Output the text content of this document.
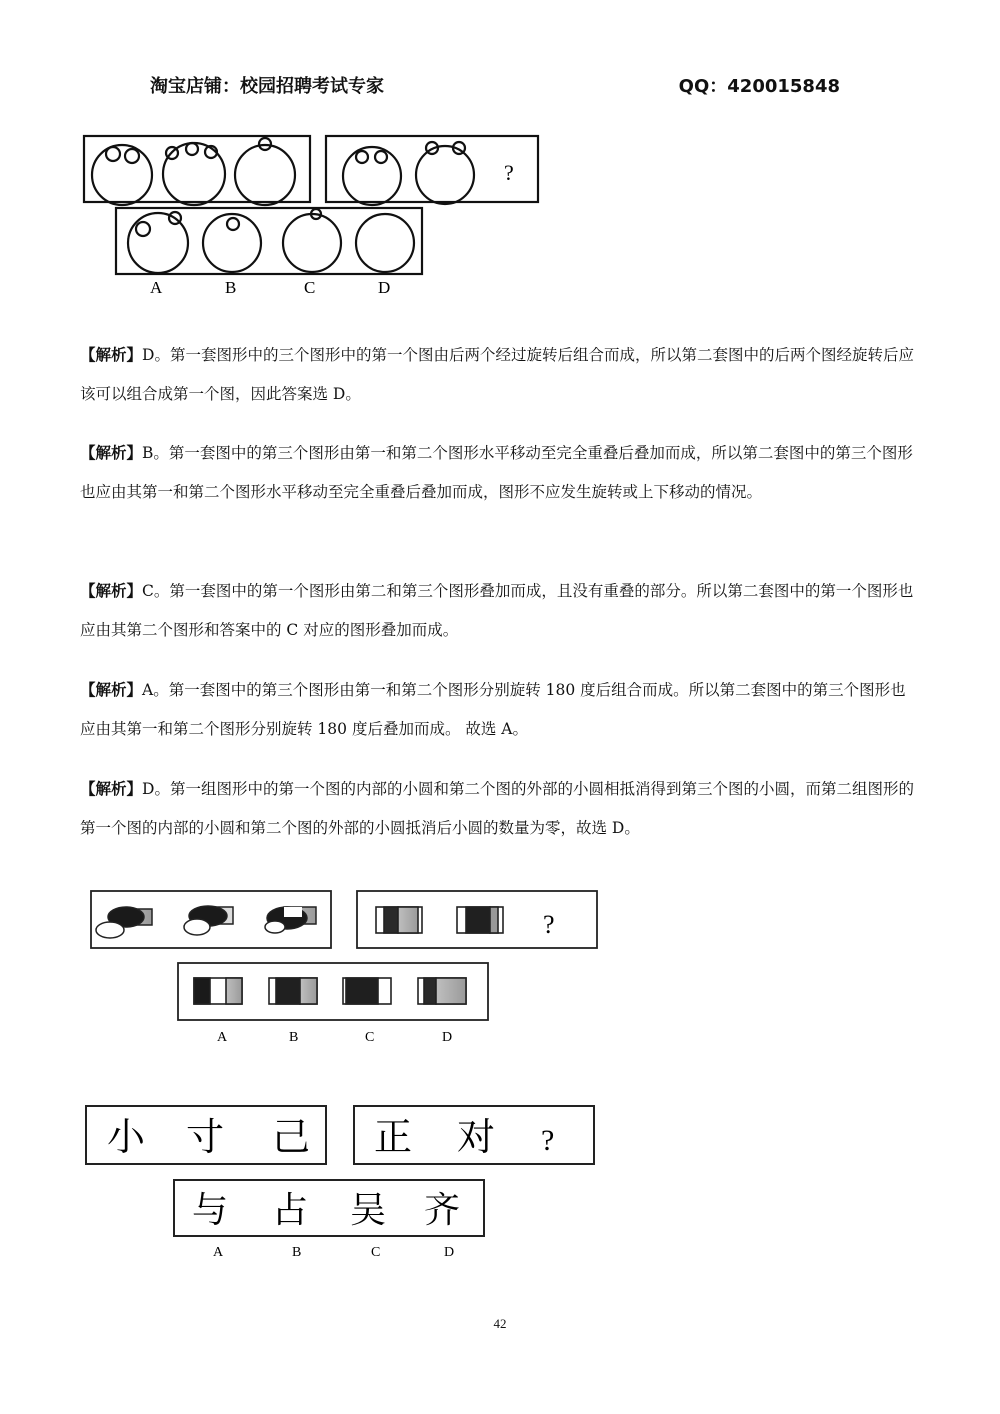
淘宝店铺：校园招聘考试专家	QQ：420015848
?
A	B	C	D
【解析】D。第一套图形中的三个图形中的第一个图由后两个经过旋转后组合而成，所以第二套图中的后两个图经旋转后应该可以组合成第一个图，因此答案选 D。
【解析】B。第一套图中的第三个图形由第一和第二个图形水平移动至完全重叠后叠加而成，所以第二套图中的第三个图形也应由其第一和第二个图形水平移动至完全重叠后叠加而成，图形不应发生旋转或上下移动的情况。
【解析】C。第一套图中的第一个图形由第二和第三个图形叠加而成，且没有重叠的部分。所以第二套图中的第一个图形也应由其第二个图形和答案中的 C 对应的图形叠加而成。
【解析】A。第一套图中的第三个图形由第一和第二个图形分别旋转 180 度后组合而成。所以第二套图中的第三个图形也应由其第一和第二个图形分别旋转 180 度后叠加而成。 故选 A。
【解析】D。第一组图形中的第一个图的内部的小圆和第二个图的外部的小圆相抵消得到第三个图的小圆，而第二组图形的第一个图的内部的小圆和第二个图的外部的小圆抵消后小圆的数量为零，故选 D。
?
A	B	C	D
小 寸 己 正 对 ?
与 占 吴 齐
A	B	C	D
42
